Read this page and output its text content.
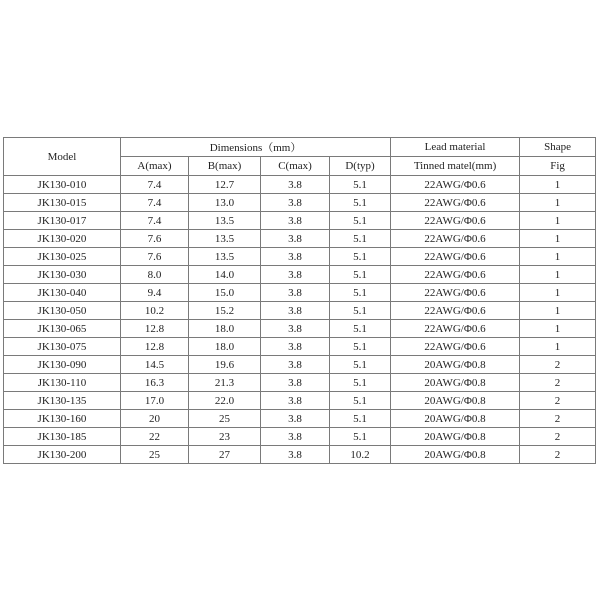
Model	Dimensions（mm）				Lead material	Shape
	A(max)	B(max)	C(max)	D(typ)	Tinned matel(mm)	Fig
JK130-010	7.4	12.7	3.8	5.1	22AWG/Φ0.6	1
JK130-015	7.4	13.0	3.8	5.1	22AWG/Φ0.6	1
JK130-017	7.4	13.5	3.8	5.1	22AWG/Φ0.6	1
JK130-020	7.6	13.5	3.8	5.1	22AWG/Φ0.6	1
JK130-025	7.6	13.5	3.8	5.1	22AWG/Φ0.6	1
JK130-030	8.0	14.0	3.8	5.1	22AWG/Φ0.6	1
JK130-040	9.4	15.0	3.8	5.1	22AWG/Φ0.6	1
JK130-050	10.2	15.2	3.8	5.1	22AWG/Φ0.6	1
JK130-065	12.8	18.0	3.8	5.1	22AWG/Φ0.6	1
JK130-075	12.8	18.0	3.8	5.1	22AWG/Φ0.6	1
JK130-090	14.5	19.6	3.8	5.1	20AWG/Φ0.8	2
JK130-110	16.3	21.3	3.8	5.1	20AWG/Φ0.8	2
JK130-135	17.0	22.0	3.8	5.1	20AWG/Φ0.8	2
JK130-160	20	25	3.8	5.1	20AWG/Φ0.8	2
JK130-185	22	23	3.8	5.1	20AWG/Φ0.8	2
JK130-200	25	27	3.8	10.2	20AWG/Φ0.8	2
